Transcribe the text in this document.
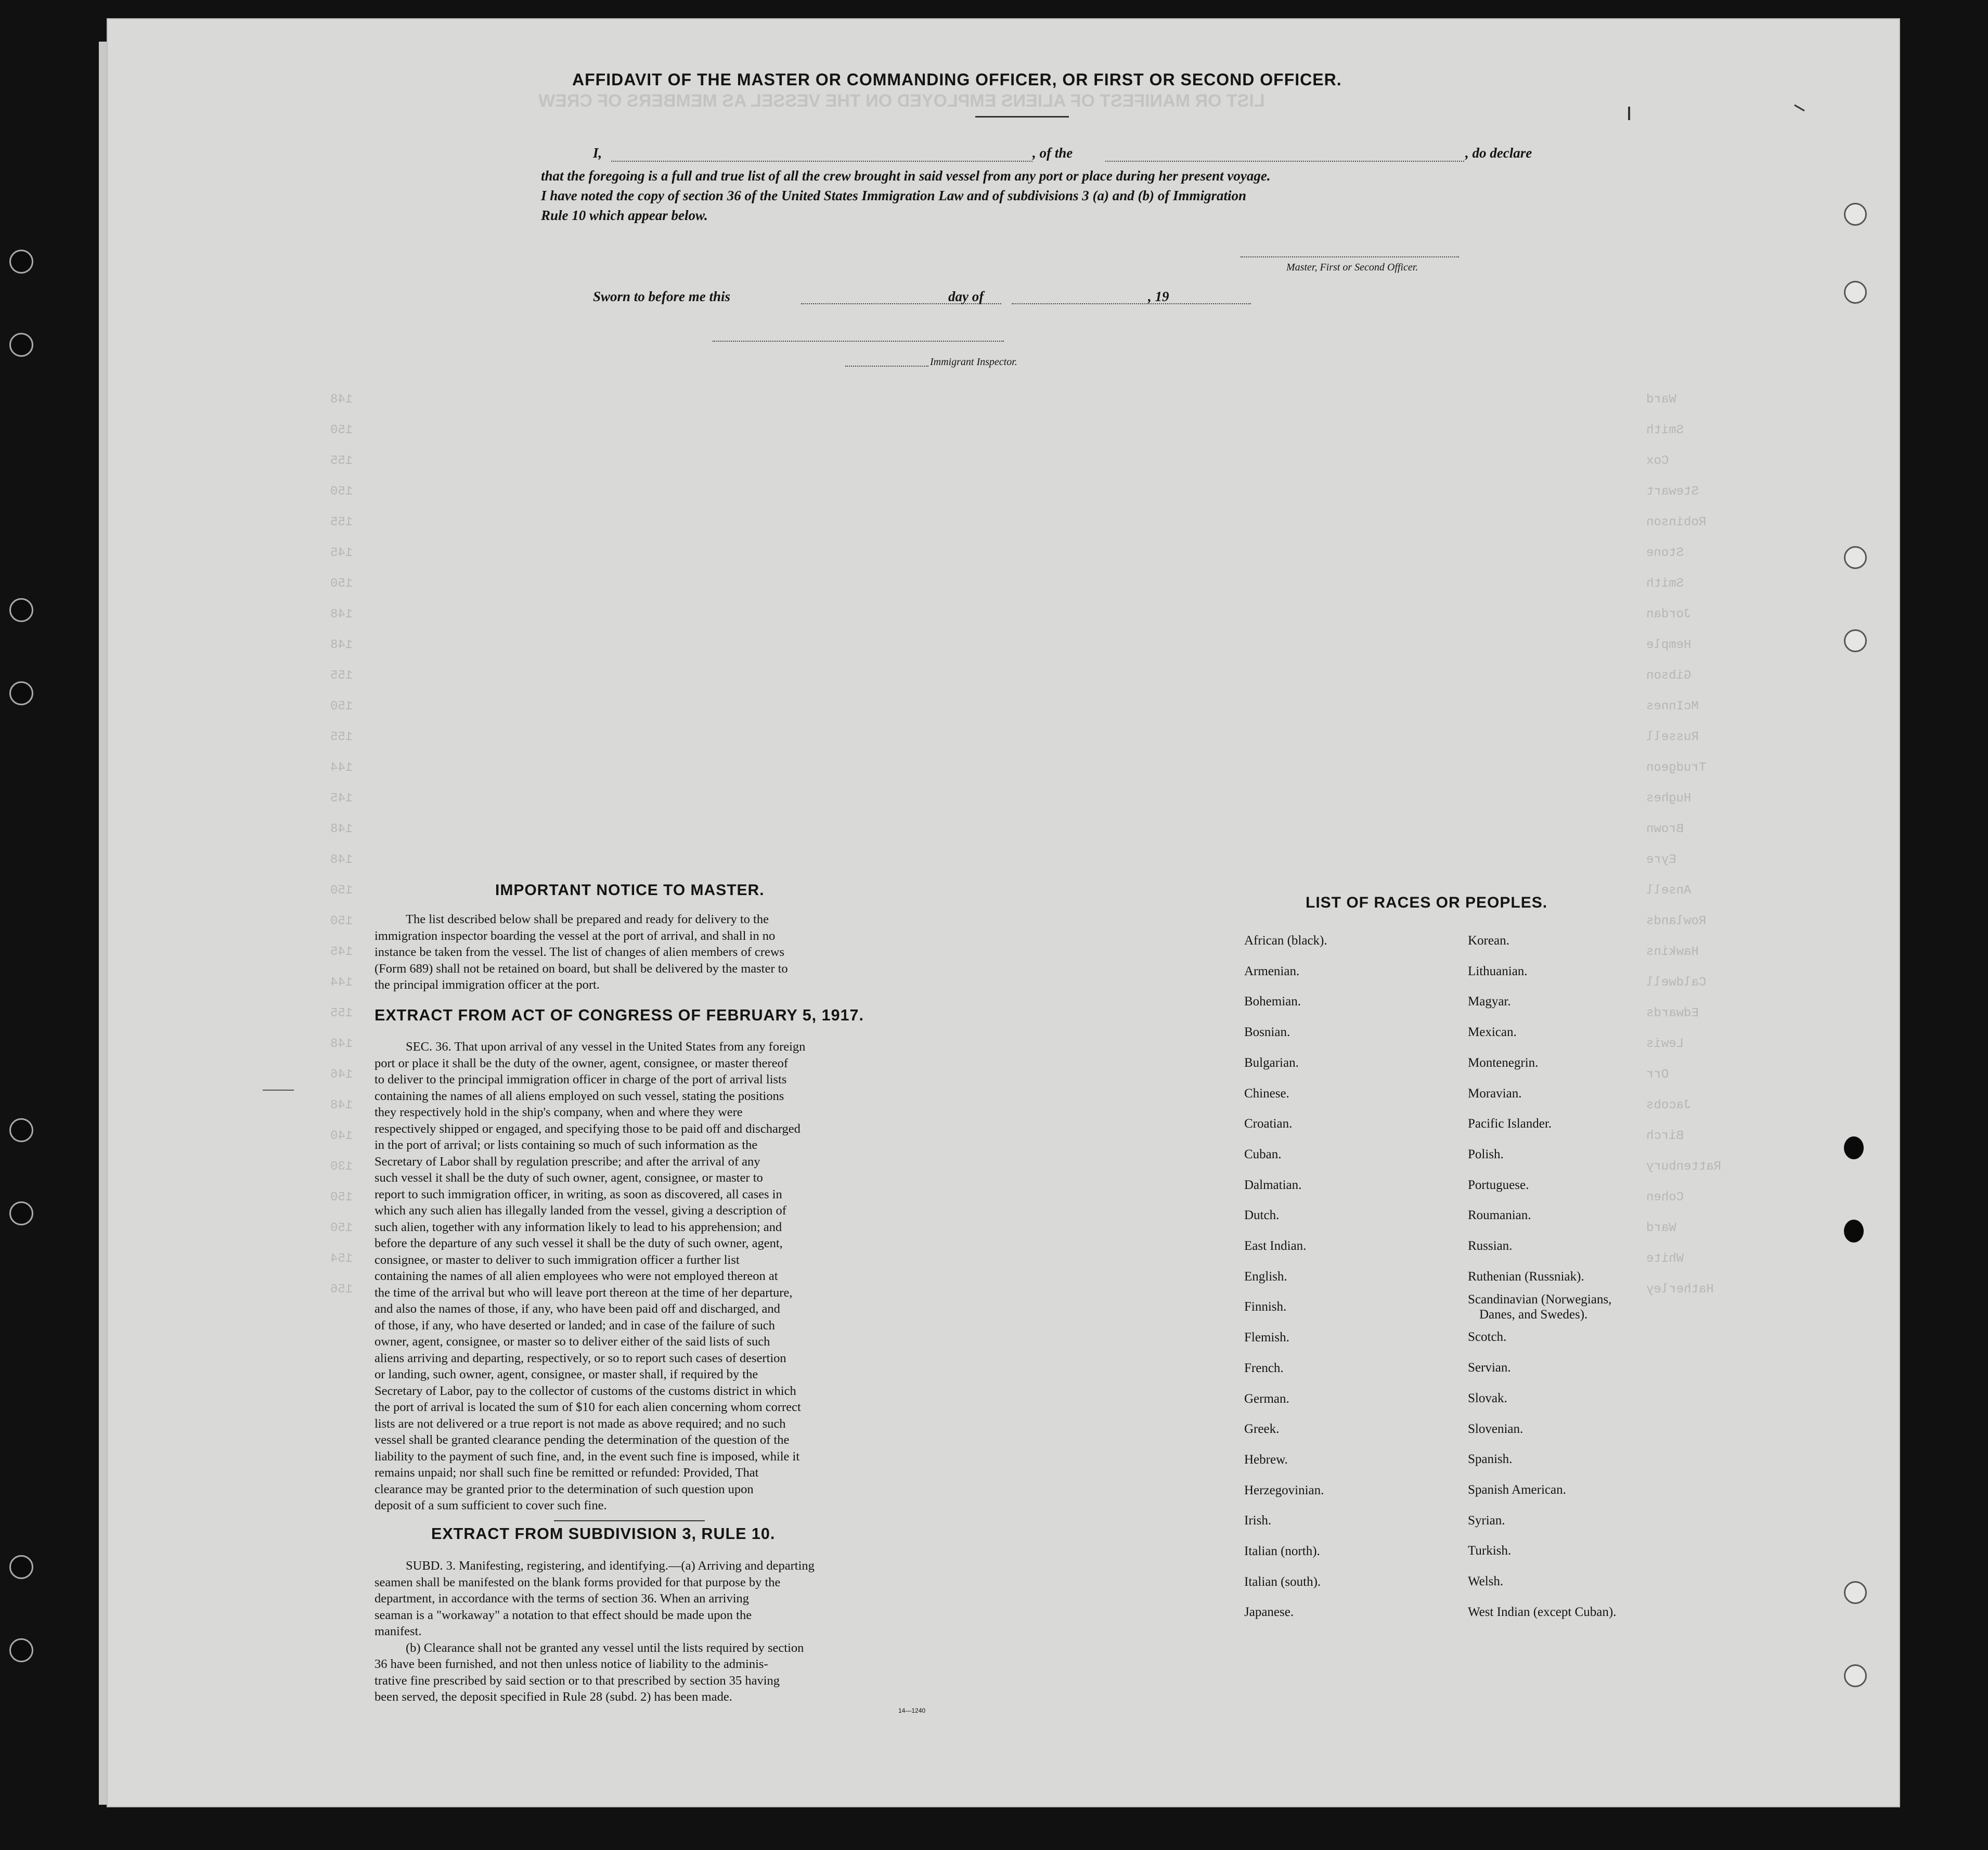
LIST OR MANIFEST OF ALIENS EMPLOYED ON THE VESSEL AS MEMBERS OF CREW
148	Ward
150	Smith
155	Cox
150	Stewart
155	Robinson
145	Stone
150	Smith
148	Jordan
148	Hemple
155	Gibson
150	McInnes
155	Russell
144	Trudgeon
145	Hughes
148	Brown
148	Eyre
150	Ansell
150	Rowlands
145	Hawkins
144	Caldwell
155	Edwards
148	Lewis
146	Orr
148	Jacobs
140	Birch
130	Rattenbury
150	Cohen
150	Ward
154	White
156	Hatherley
AFFIDAVIT OF THE MASTER OR COMMANDING OFFICER, OR FIRST OR SECOND OFFICER.
I,	, of the	, do declare
that the foregoing is a full and true list of all the crew brought in said vessel from any port or place during her present voyage.
I have noted the copy of section 36 of the United States Immigration Law and of subdivisions 3 (a) and (b) of Immigration
Rule 10 which appear below.
Master, First or Second Officer.
Sworn to before me this	day of	, 19
Immigrant Inspector.
IMPORTANT NOTICE TO MASTER.
The list described below shall be prepared and ready for delivery to the
immigration inspector boarding the vessel at the port of arrival, and shall in no
instance be taken from the vessel. The list of changes of alien members of crews
(Form 689) shall not be retained on board, but shall be delivered by the master to
the principal immigration officer at the port.
EXTRACT FROM ACT OF CONGRESS OF FEBRUARY 5, 1917.
SEC. 36. That upon arrival of any vessel in the United States from any foreign
port or place it shall be the duty of the owner, agent, consignee, or master thereof
to deliver to the principal immigration officer in charge of the port of arrival lists
containing the names of all aliens employed on such vessel, stating the positions
they respectively hold in the ship's company, when and where they were
respectively shipped or engaged, and specifying those to be paid off and discharged
in the port of arrival; or lists containing so much of such information as the
Secretary of Labor shall by regulation prescribe; and after the arrival of any
such vessel it shall be the duty of such owner, agent, consignee, or master to
report to such immigration officer, in writing, as soon as discovered, all cases in
which any such alien has illegally landed from the vessel, giving a description of
such alien, together with any information likely to lead to his apprehension; and
before the departure of any such vessel it shall be the duty of such owner, agent,
consignee, or master to deliver to such immigration officer a further list
containing the names of all alien employees who were not employed thereon at
the time of the arrival but who will leave port thereon at the time of her departure,
and also the names of those, if any, who have been paid off and discharged, and
of those, if any, who have deserted or landed; and in case of the failure of such
owner, agent, consignee, or master so to deliver either of the said lists of such
aliens arriving and departing, respectively, or so to report such cases of desertion
or landing, such owner, agent, consignee, or master shall, if required by the
Secretary of Labor, pay to the collector of customs of the customs district in which
the port of arrival is located the sum of $10 for each alien concerning whom correct
lists are not delivered or a true report is not made as above required; and no such
vessel shall be granted clearance pending the determination of the question of the
liability to the payment of such fine, and, in the event such fine is imposed, while it
remains unpaid; nor shall such fine be remitted or refunded: Provided, That
clearance may be granted prior to the determination of such question upon
deposit of a sum sufficient to cover such fine.
EXTRACT FROM SUBDIVISION 3, RULE 10.
SUBD. 3. Manifesting, registering, and identifying.—(a) Arriving and departing
seamen shall be manifested on the blank forms provided for that purpose by the
department, in accordance with the terms of section 36. When an arriving
seaman is a "workaway" a notation to that effect should be made upon the
manifest.
(b) Clearance shall not be granted any vessel until the lists required by section
36 have been furnished, and not then unless notice of liability to the adminis-
trative fine prescribed by said section or to that prescribed by section 35 having
been served, the deposit specified in Rule 28 (subd. 2) has been made.
14—1240
LIST OF RACES OR PEOPLES.
African (black).
Armenian.
Bohemian.
Bosnian.
Bulgarian.
Chinese.
Croatian.
Cuban.
Dalmatian.
Dutch.
East Indian.
English.
Finnish.
Flemish.
French.
German.
Greek.
Hebrew.
Herzegovinian.
Irish.
Italian (north).
Italian (south).
Japanese.
Korean.
Lithuanian.
Magyar.
Mexican.
Montenegrin.
Moravian.
Pacific Islander.
Polish.
Portuguese.
Roumanian.
Russian.
Ruthenian (Russniak).
Scandinavian (Norwegians,
Danes, and Swedes).
Scotch.
Servian.
Slovak.
Slovenian.
Spanish.
Spanish American.
Syrian.
Turkish.
Welsh.
West Indian (except Cuban).
